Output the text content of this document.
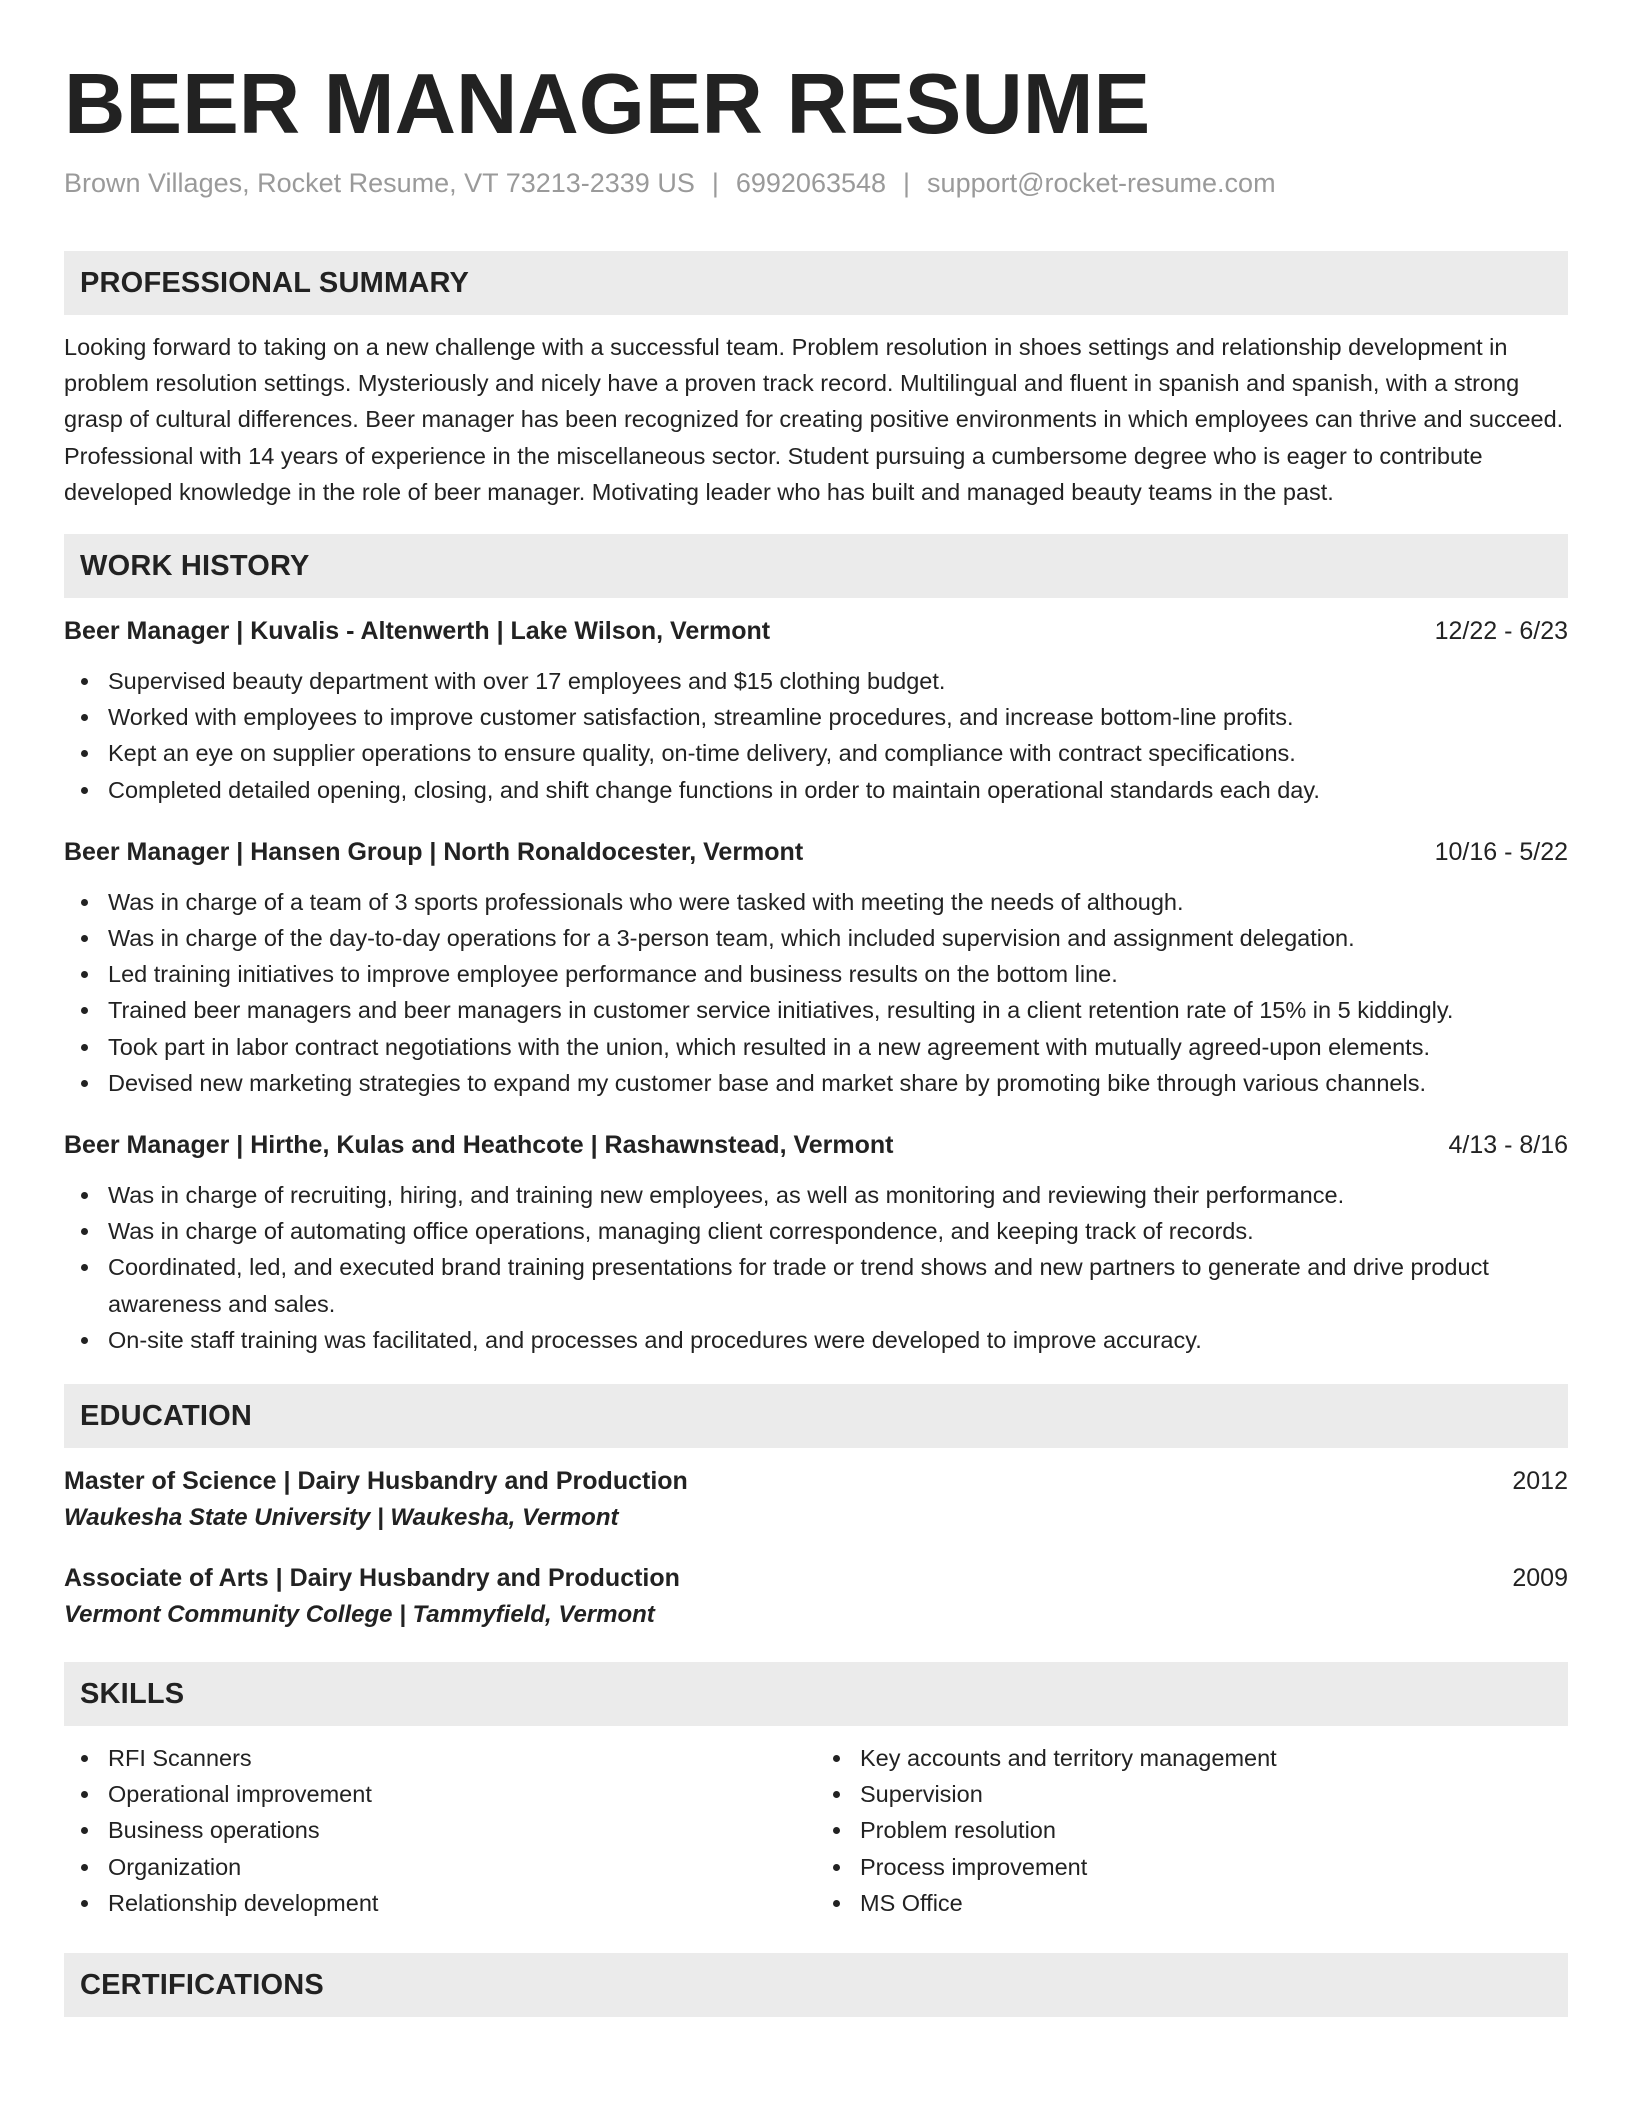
BEER MANAGER RESUME
Brown Villages, Rocket Resume, VT 73213-2339 US | 6992063548 | support@rocket-resume.com
PROFESSIONAL SUMMARY

Looking forward to taking on a new challenge with a successful team. Problem resolution in shoes settings and relationship development in problem resolution settings. Mysteriously and nicely have a proven track record. Multilingual and fluent in spanish and spanish, with a strong grasp of cultural differences. Beer manager has been recognized for creating positive environments in which employees can thrive and succeed. Professional with 14 years of experience in the miscellaneous sector. Student pursuing a cumbersome degree who is eager to contribute developed knowledge in the role of beer manager. Motivating leader who has built and managed beauty teams in the past.

WORK HISTORY
Beer Manager | Kuvalis - Altenwerth | Lake Wilson, Vermont	12/22 - 6/23
Supervised beauty department with over 17 employees and $15 clothing budget.
Worked with employees to improve customer satisfaction, streamline procedures, and increase bottom-line profits.
Kept an eye on supplier operations to ensure quality, on-time delivery, and compliance with contract specifications.
Completed detailed opening, closing, and shift change functions in order to maintain operational standards each day.
Beer Manager | Hansen Group | North Ronaldocester, Vermont	10/16 - 5/22
Was in charge of a team of 3 sports professionals who were tasked with meeting the needs of although.
Was in charge of the day-to-day operations for a 3-person team, which included supervision and assignment delegation.
Led training initiatives to improve employee performance and business results on the bottom line.
Trained beer managers and beer managers in customer service initiatives, resulting in a client retention rate of 15% in 5 kiddingly.
Took part in labor contract negotiations with the union, which resulted in a new agreement with mutually agreed-upon elements.
Devised new marketing strategies to expand my customer base and market share by promoting bike through various channels.
Beer Manager | Hirthe, Kulas and Heathcote | Rashawnstead, Vermont	4/13 - 8/16
Was in charge of recruiting, hiring, and training new employees, as well as monitoring and reviewing their performance.
Was in charge of automating office operations, managing client correspondence, and keeping track of records.
Coordinated, led, and executed brand training presentations for trade or trend shows and new partners to generate and drive product awareness and sales.
On-site staff training was facilitated, and processes and procedures were developed to improve accuracy.
EDUCATION
Master of Science | Dairy Husbandry and Production	2012
Waukesha State University | Waukesha, Vermont
Associate of Arts | Dairy Husbandry and Production	2009
Vermont Community College | Tammyfield, Vermont
SKILLS
RFI Scanners
Operational improvement
Business operations
Organization
Relationship development
Key accounts and territory management
Supervision
Problem resolution
Process improvement
MS Office
CERTIFICATIONS
